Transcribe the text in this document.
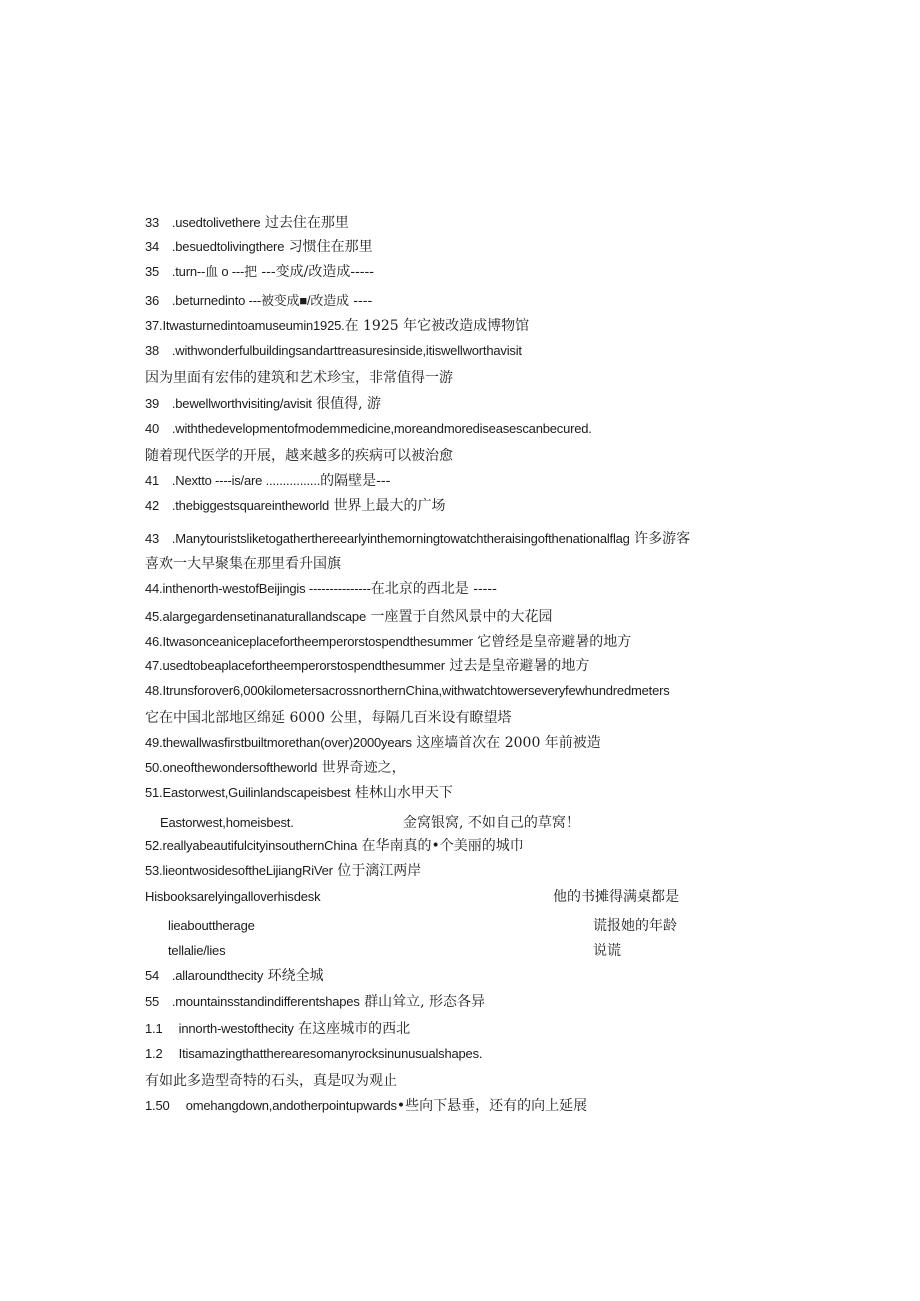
33 .usedtolivethere 过去住在那里
34 .besuedtolivingthere 习惯住在那里
35 .turn--血 o ---把 ---变成/改造成-----
36 .beturnedinto ---被变成■/改造成 ----
37.Itwasturnedintoamuseumin1925.在 1925 年它被改造成博物馆
38 .withwonderfulbuildingsandarttreasuresinside,itiswellworthavisit
因为里面有宏伟的建筑和艺术珍宝，非常值得一游
39 .bewellworthvisiting/avisit 很值得, 游
40 .withthedevelopmentofmodemmedicine,moreandmorediseasescanbecured.
随着现代医学的开展，越来越多的疾病可以被治愈
41 .Nextto ----is/are ................的隔壁是---
42 .thebiggestsquareintheworld 世界上最大的广场
43 .Manytouristsliketogatherthereearlyinthemorningtowatchtheraisingofthenationalflag 许多游客
喜欢一大早聚集在那里看升国旗
44.inthenorth-westofBeijingis ---------------在北京的西北是 -----
45.alargegardensetinanaturallandscape 一座置于自然风景中的大花园
46.Itwasonceaniceplacefortheemperorstospendthesummer 它曾经是皇帝避暑的地方
47.usedtobeaplacefortheemperorstospendthesummer 过去是皇帝避暑的地方
48.Itrunsforover6,000kilometersacrossnorthernChina,withwatchtowerseveryfewhundredmeters
它在中国北部地区绵延 6000 公里，每隔几百米设有瞭望塔
49.thewallwasfirstbuiltmorethan(over)2000years 这座墙首次在 2000 年前被造
50.oneofthewondersoftheworld 世界奇迹之，
51.Eastorwest,Guilinlandscapeisbest 桂林山水甲天下
Eastorwest,homeisbest.	金窝银窝, 不如自己的草窝！
52.reallyabeautifulcityinsouthernChina 在华南真的•个美丽的城巾
53.lieontwosidesoftheLijiangRiVer 位于漓江两岸
Hisbooksarelyingalloverhisdesk	他的书摊得满桌都是
lieabouttherage	谎报她的年龄
tellalie/lies	说谎
54 .allaroundthecity 环绕全城
55 .mountainsstandindifferentshapes 群山耸立, 形态各异
1.1  innorth-westofthecity 在这座城市的西北
1.2  Itisamazingthattherearesomanyrocksinunusualshapes.
有如此多造型奇特的石头，真是叹为观止
1.50  omehangdown,andotherpointupwards•些向下悬垂，还有的向上延展
